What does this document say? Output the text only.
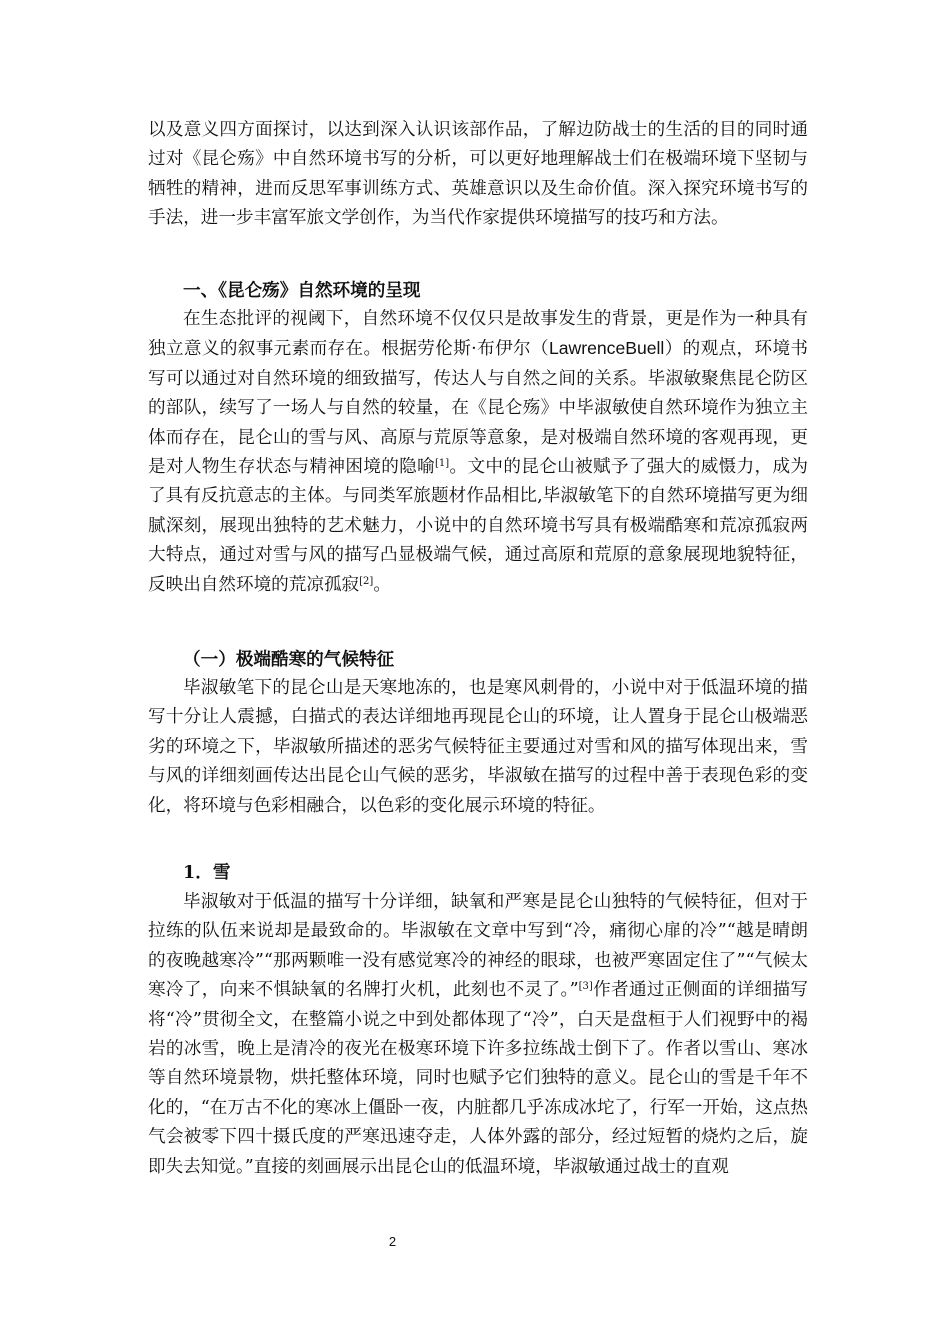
以及意义四方面探讨，以达到深入认识该部作品，了解边防战士的生活的目的同时通过对《昆仑殇》中自然环境书写的分析，可以更好地理解战士们在极端环境下坚韧与牺牲的精神，进而反思军事训练方式、英雄意识以及生命价值。深入探究环境书写的手法，进一步丰富军旅文学创作，为当代作家提供环境描写的技巧和方法。

一、《昆仑殇》自然环境的呈现

在生态批评的视阈下，自然环境不仅仅只是故事发生的背景，更是作为一种具有独立意义的叙事元素而存在。根据劳伦斯·布伊尔（LawrenceBuell）的观点，环境书写可以通过对自然环境的细致描写，传达人与自然之间的关系。毕淑敏聚焦昆仑防区的部队，续写了一场人与自然的较量，在《昆仑殇》中毕淑敏使自然环境作为独立主体而存在，昆仑山的雪与风、高原与荒原等意象，是对极端自然环境的客观再现，更是对人物生存状态与精神困境的隐喻[1]。文中的昆仑山被赋予了强大的威慑力，成为了具有反抗意志的主体。与同类军旅题材作品相比,毕淑敏笔下的自然环境描写更为细腻深刻，展现出独特的艺术魅力，小说中的自然环境书写具有极端酷寒和荒凉孤寂两大特点，通过对雪与风的描写凸显极端气候，通过高原和荒原的意象展现地貌特征，反映出自然环境的荒凉孤寂[2]。

（一）极端酷寒的气候特征

毕淑敏笔下的昆仑山是天寒地冻的，也是寒风刺骨的，小说中对于低温环境的描写十分让人震撼，白描式的表达详细地再现昆仑山的环境，让人置身于昆仑山极端恶劣的环境之下，毕淑敏所描述的恶劣气候特征主要通过对雪和风的描写体现出来，雪与风的详细刻画传达出昆仑山气候的恶劣，毕淑敏在描写的过程中善于表现色彩的变化，将环境与色彩相融合，以色彩的变化展示环境的特征。

1．雪

毕淑敏对于低温的描写十分详细，缺氧和严寒是昆仑山独特的气候特征，但对于拉练的队伍来说却是最致命的。毕淑敏在文章中写到“冷，痛彻心扉的冷”“越是晴朗的夜晚越寒冷”“那两颗唯一没有感觉寒冷的神经的眼球，也被严寒固定住了”“气候太寒冷了，向来不惧缺氧的名牌打火机，此刻也不灵了。”[3]作者通过正侧面的详细描写将“冷”贯彻全文，在整篇小说之中到处都体现了“冷”，白天是盘桓于人们视野中的褐岩的冰雪，晚上是清冷的夜光在极寒环境下许多拉练战士倒下了。作者以雪山、寒冰等自然环境景物，烘托整体环境，同时也赋予它们独特的意义。昆仑山的雪是千年不化的，“在万古不化的寒冰上僵卧一夜，内脏都几乎冻成冰坨了，行军一开始，这点热气会被零下四十摄氏度的严寒迅速夺走，人体外露的部分，经过短暂的烧灼之后，旋即失去知觉。”直接的刻画展示出昆仑山的低温环境，毕淑敏通过战士的直观

2
